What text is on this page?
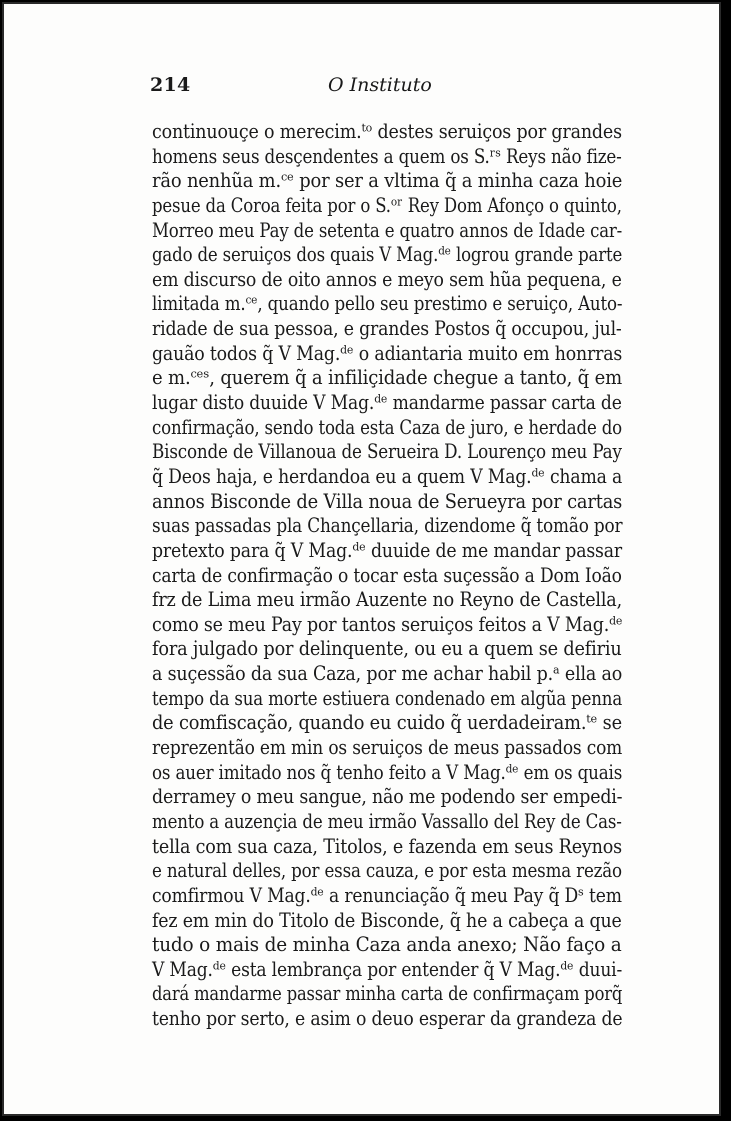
214	O Instituto
continuouçe o merecim.ᵗᵒ destes seruiços por grandes
homens seus desçendentes a quem os S.ʳˢ Reys não fize-
rão nenhũa m.ᶜᵉ por ser a vltima q̃ a minha caza hoie
pesue da Coroa feita por o S.ᵒʳ Rey Dom Afonço o quinto,
Morreo meu Pay de setenta e quatro annos de Idade car-
gado de seruiços dos quais V Mag.ᵈᵉ logrou grande parte
em discurso de oito annos e meyo sem hũa pequena, e
limitada m.ᶜᵉ, quando pello seu prestimo e seruiço, Auto-
ridade de sua pessoa, e grandes Postos q̃ occupou, jul-
gauão todos q̃ V Mag.ᵈᵉ o adiantaria muito em honrras
e m.ᶜᵉˢ, querem q̃ a infiliçidade chegue a tanto, q̃ em
lugar disto duuide V Mag.ᵈᵉ mandarme passar carta de
confirmação, sendo toda esta Caza de juro, e herdade do
Bisconde de Villanoua de Serueira D. Lourenço meu Pay
q̃ Deos haja, e herdandoa eu a quem V Mag.ᵈᵉ chama a
annos Bisconde de Villa noua de Serueyra por cartas
suas passadas pla Chançellaria, dizendome q̃ tomão por
pretexto para q̃ V Mag.ᵈᵉ duuide de me mandar passar
carta de confirmação o tocar esta suçessão a Dom Ioão
frz de Lima meu irmão Auzente no Reyno de Castella,
como se meu Pay por tantos seruiços feitos a V Mag.ᵈᵉ
fora julgado por delinquente, ou eu a quem se defiriu
a suçessão da sua Caza, por me achar habil p.ᵃ ella ao
tempo da sua morte estiuera condenado em algũa penna
de comfiscação, quando eu cuido q̃ uerdadeiram.ᵗᵉ se
reprezentão em min os seruiços de meus passados com
os auer imitado nos q̃ tenho feito a V Mag.ᵈᵉ em os quais
derramey o meu sangue, não me podendo ser empedi-
mento a auzençia de meu irmão Vassallo del Rey de Cas-
tella com sua caza, Titolos, e fazenda em seus Reynos
e natural delles, por essa cauza, e por esta mesma rezão
comfirmou V Mag.ᵈᵉ a renunciação q̃ meu Pay q̃ Dˢ tem
fez em min do Titolo de Bisconde, q̃ he a cabeça a que
tudo o mais de minha Caza anda anexo; Não faço a
V Mag.ᵈᵉ esta lembrança por entender q̃ V Mag.ᵈᵉ duui-
dará mandarme passar minha carta de confirmaçam porq̃
tenho por serto, e asim o deuo esperar da grandeza de
